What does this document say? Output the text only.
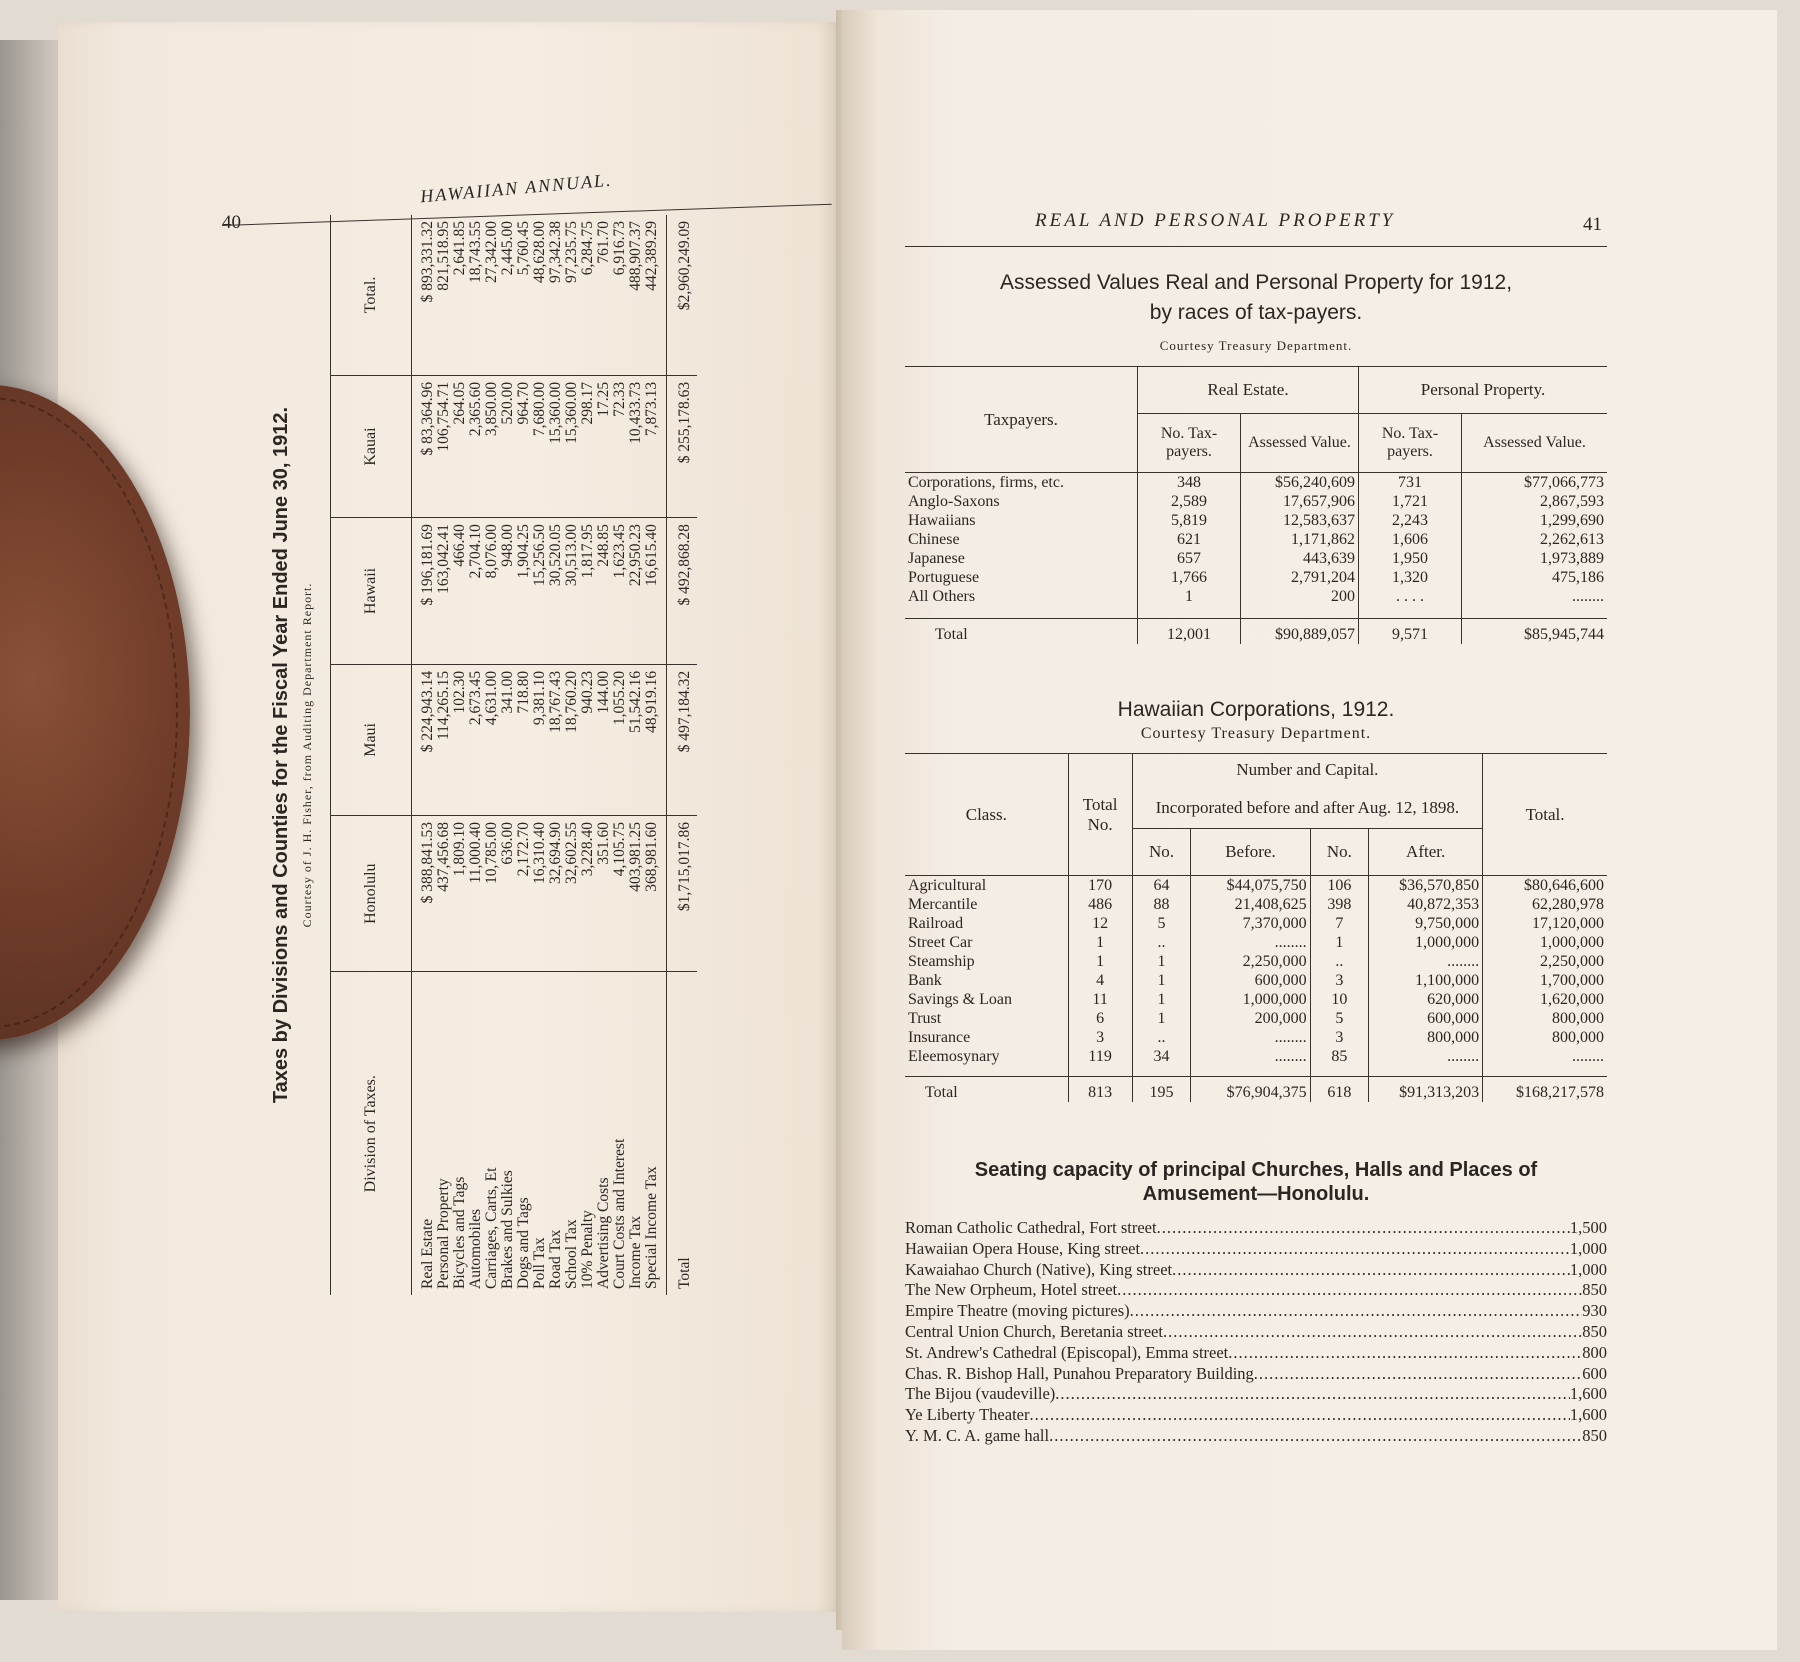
40
HAWAIIAN ANNUAL.
Taxes by Divisions and Counties for the Fiscal Year Ended June 30, 1912. Courtesy of J. H. Fisher, from Auditing Department Report.
Division of Taxes.	Honolulu	Maui	Hawaii	Kauai	Total.
Real Estate	$ 388,841.53	$ 224,943.14	$ 196,181.69	$ 83,364.96	$ 893,331.32
Personal Property	437,456.68	114,265.15	163,042.41	106,754.71	821,518.95
Bicycles and Tags	1,809.10	102.30	466.40	264.05	2,641.85
Automobiles	11,000.40	2,673.45	2,704.10	2,365.60	18,743.55
Carriages, Carts, Et	10,785.00	4,631.00	8,076.00	3,850.00	27,342.00
Brakes and Sulkies	636.00	341.00	948.00	520.00	2,445.00
Dogs and Tags	2,172.70	718.80	1,904.25	964.70	5,760.45
Poll Tax	16,310.40	9,381.10	15,256.50	7,680.00	48,628.00
Road Tax	32,694.90	18,767.43	30,520.05	15,360.00	97,342.38
School Tax	32,602.55	18,760.20	30,513.00	15,360.00	97,235.75
10% Penalty	3,228.40	940.23	1,817.95	298.17	6,284.75
Advertising Costs	351.60	144.00	248.85	17.25	761.70
Court Costs and Interest	4,105.75	1,055.20	1,623.45	72.33	6,916.73
Income Tax	403,981.25	51,542.16	22,950.23	10,433.73	488,907.37
Special Income Tax	368,981.60	48,919.16	16,615.40	7,873.13	442,389.29
Total	$1,715,017.86	$ 497,184.32	$ 492,868.28	$ 255,178.63	$2,960,249.09
REAL AND PERSONAL PROPERTY	41
Assessed Values Real and Personal Property for 1912,
by races of tax-payers.
Courtesy Treasury Department.
Taxpayers.	Real Estate.		Personal Property.	
	No. Tax-payers.	Assessed Value.	No. Tax-payers.	Assessed Value.
Corporations, firms, etc.	348	$56,240,609	731	$77,066,773
Anglo-Saxons	2,589	17,657,906	1,721	2,867,593
Hawaiians	5,819	12,583,637	2,243	1,299,690
Chinese	621	1,171,862	1,606	2,262,613
Japanese	657	443,639	1,950	1,973,889
Portuguese	1,766	2,791,204	1,320	475,186
All Others	1	200	. . . .	........

Total	12,001	$90,889,057	9,571	$85,945,744
Hawaiian Corporations, 1912.
Courtesy Treasury Department.
Class.	Total No.	Number and Capital.				Total.
		Incorporated before and after Aug. 12, 1898.				
		No.	Before.	No.	After.	
Agricultural	170	64	$44,075,750	106	$36,570,850	$80,646,600
Mercantile	486	88	21,408,625	398	40,872,353	62,280,978
Railroad	12	5	7,370,000	7	9,750,000	17,120,000
Street Car	1	..	........	1	1,000,000	1,000,000
Steamship	1	1	2,250,000	..	........	2,250,000
Bank	4	1	600,000	3	1,100,000	1,700,000
Savings & Loan	11	1	1,000,000	10	620,000	1,620,000
Trust	6	1	200,000	5	600,000	800,000
Insurance	3	..	........	3	800,000	800,000
Eleemosynary	119	34	........	85	........	........

Total	813	195	$76,904,375	618	$91,313,203	$168,217,578
Seating capacity of principal Churches, Halls and Places of
Amusement—Honolulu.
Roman Catholic Cathedral, Fort street .....	1,500
Hawaiian Opera House, King street .....	1,000
Kawaiahao Church (Native), King street .....	1,000
The New Orpheum, Hotel street .....	850
Empire Theatre (moving pictures) .....	930
Central Union Church, Beretania street .....	850
St. Andrew's Cathedral (Episcopal), Emma street .....	800
Chas. R. Bishop Hall, Punahou Preparatory Building .....	600
The Bijou (vaudeville) .....	1,600
Ye Liberty Theater .....	1,600
Y. M. C. A. game hall .....	850
